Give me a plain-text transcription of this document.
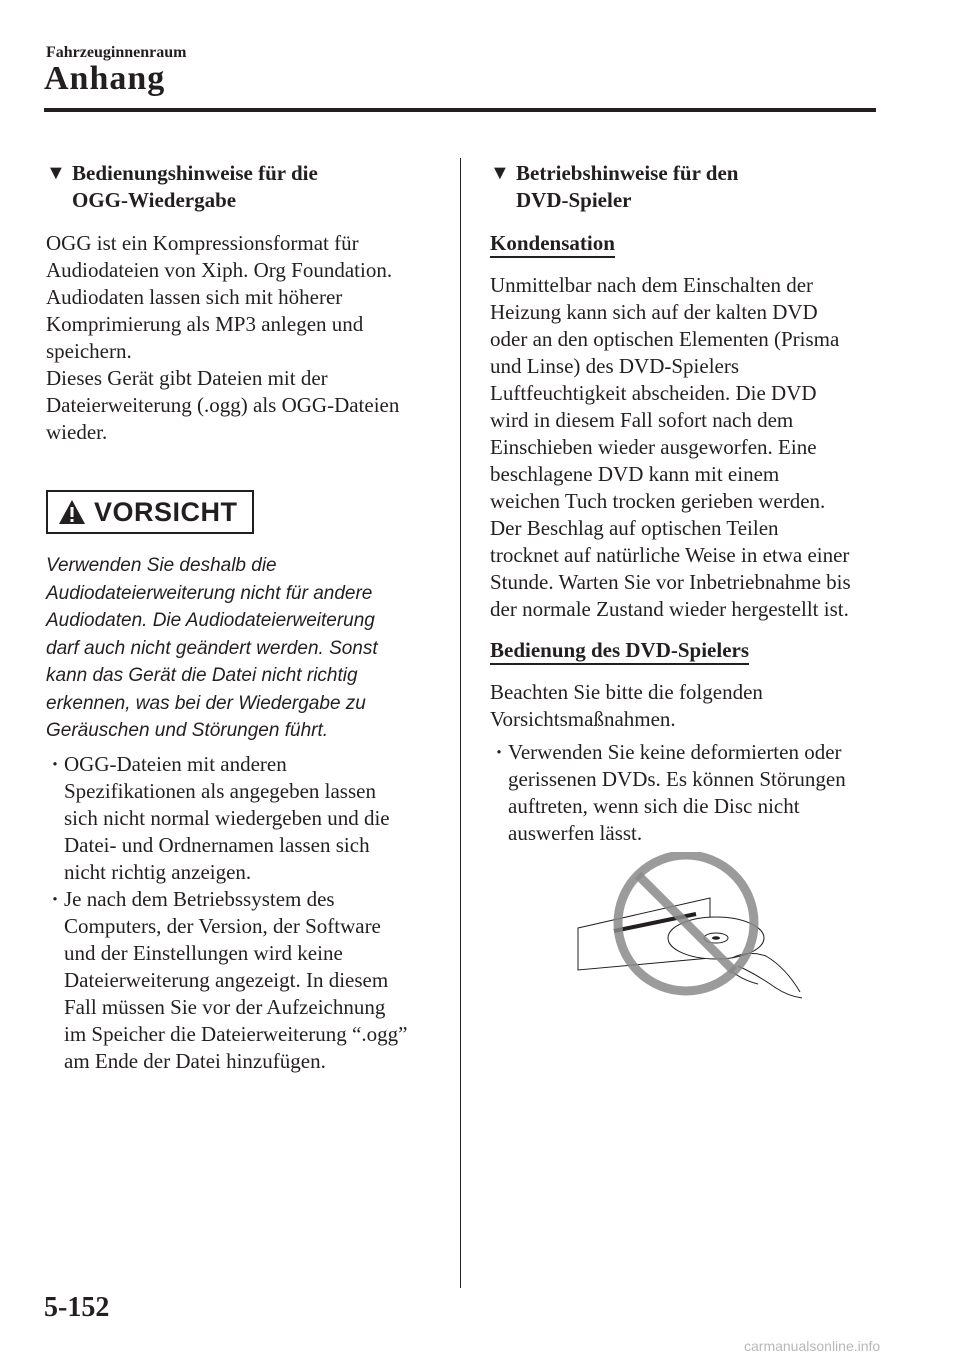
Fahrzeuginnenraum
Anhang
▼ Bedienungshinweise für die
OGG-Wiedergabe
OGG ist ein Kompressionsformat für
Audiodateien von Xiph. Org Foundation.
Audiodaten lassen sich mit höherer
Komprimierung als MP3 anlegen und
speichern.
Dieses Gerät gibt Dateien mit der
Dateierweiterung (.ogg) als OGG-Dateien
wieder.
VORSICHT
Verwenden Sie deshalb die
Audiodateierweiterung nicht für andere
Audiodaten. Die Audiodateierweiterung
darf auch nicht geändert werden. Sonst
kann das Gerät die Datei nicht richtig
erkennen, was bei der Wiedergabe zu
Geräuschen und Störungen führt.
· OGG-Dateien mit anderen
Spezifikationen als angegeben lassen
sich nicht normal wiedergeben und die
Datei- und Ordnernamen lassen sich
nicht richtig anzeigen.
· Je nach dem Betriebssystem des
Computers, der Version, der Software
und der Einstellungen wird keine
Dateierweiterung angezeigt. In diesem
Fall müssen Sie vor der Aufzeichnung
im Speicher die Dateierweiterung “.ogg”
am Ende der Datei hinzufügen.
▼ Betriebshinweise für den
DVD-Spieler
Kondensation
Unmittelbar nach dem Einschalten der
Heizung kann sich auf der kalten DVD
oder an den optischen Elementen (Prisma
und Linse) des DVD-Spielers
Luftfeuchtigkeit abscheiden. Die DVD
wird in diesem Fall sofort nach dem
Einschieben wieder ausgeworfen. Eine
beschlagene DVD kann mit einem
weichen Tuch trocken gerieben werden.
Der Beschlag auf optischen Teilen
trocknet auf natürliche Weise in etwa einer
Stunde. Warten Sie vor Inbetriebnahme bis
der normale Zustand wieder hergestellt ist.
Bedienung des DVD-Spielers
Beachten Sie bitte die folgenden
Vorsichtsmaßnahmen.
· Verwenden Sie keine deformierten oder
gerissenen DVDs. Es können Störungen
auftreten, wenn sich die Disc nicht
auswerfen lässt.
5-152
carmanualsonline.info
